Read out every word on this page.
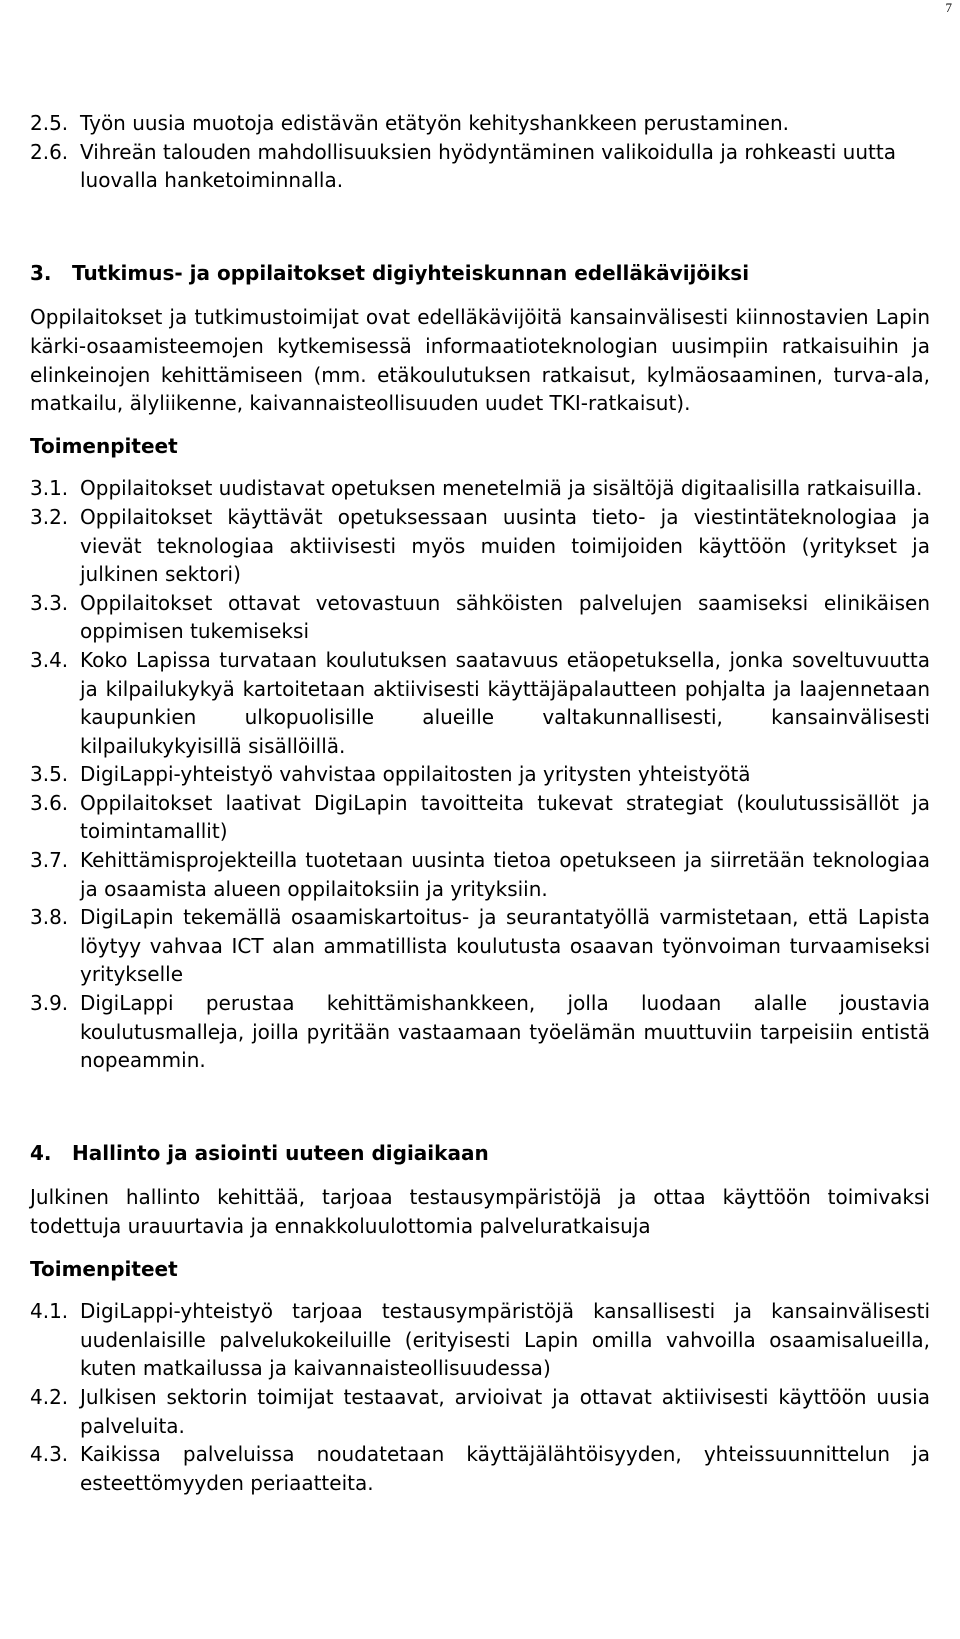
7
2.5. Työn uusia muotoja edistävän etätyön kehityshankkeen perustaminen.
2.6. Vihreän talouden mahdollisuuksien hyödyntäminen valikoidulla ja rohkeasti uutta luovalla hanketoiminnalla.
3.	Tutkimus- ja oppilaitokset digiyhteiskunnan edelläkävijöiksi

Oppilaitokset ja tutkimustoimijat ovat edelläkävijöitä kansainvälisesti kiinnostavien Lapin kärki-osaamisteemojen kytkemisessä informaatioteknologian uusimpiin ratkaisuihin ja elinkeinojen kehittämiseen (mm. etäkoulutuksen ratkaisut, kylmäosaaminen, turva-ala, matkailu, älyliikenne, kaivannaisteollisuuden uudet TKI-ratkaisut).

Toimenpiteet
3.1. Oppilaitokset uudistavat opetuksen menetelmiä ja sisältöjä digitaalisilla ratkaisuilla.
3.2. Oppilaitokset käyttävät opetuksessaan uusinta tieto- ja viestintäteknologiaa ja vievät teknologiaa aktiivisesti myös muiden toimijoiden käyttöön (yritykset ja julkinen sektori)
3.3. Oppilaitokset ottavat vetovastuun sähköisten palvelujen saamiseksi elinikäisen oppimisen tukemiseksi
3.4. Koko Lapissa turvataan koulutuksen saatavuus etäopetuksella, jonka soveltuvuutta ja kilpailukykyä kartoitetaan aktiivisesti käyttäjäpalautteen pohjalta ja laajennetaan kaupunkien ulkopuolisille alueille valtakunnallisesti, kansainvälisesti kilpailukykyisillä sisällöillä.
3.5. DigiLappi-yhteistyö vahvistaa oppilaitosten ja yritysten yhteistyötä
3.6. Oppilaitokset laativat DigiLapin tavoitteita tukevat strategiat (koulutussisällöt ja toimintamallit)
3.7. Kehittämisprojekteilla tuotetaan uusinta tietoa opetukseen ja siirretään teknologiaa ja osaamista alueen oppilaitoksiin ja yrityksiin.
3.8. DigiLapin tekemällä osaamiskartoitus- ja seurantatyöllä varmistetaan, että Lapista löytyy vahvaa ICT alan ammatillista koulutusta osaavan työnvoiman turvaamiseksi yritykselle
3.9. DigiLappi perustaa kehittämishankkeen, jolla luodaan alalle joustavia koulutusmalleja, joilla pyritään vastaamaan työelämän muuttuviin tarpeisiin entistä nopeammin.
4.	Hallinto ja asiointi uuteen digiaikaan

Julkinen hallinto kehittää, tarjoaa testausympäristöjä ja ottaa käyttöön toimivaksi todettuja urauurtavia ja ennakkoluulottomia palveluratkaisuja

Toimenpiteet
4.1. DigiLappi-yhteistyö tarjoaa testausympäristöjä kansallisesti ja kansainvälisesti uudenlaisille palvelukokeiluille (erityisesti Lapin omilla vahvoilla osaamisalueilla, kuten matkailussa ja kaivannaisteollisuudessa)
4.2. Julkisen sektorin toimijat testaavat, arvioivat ja ottavat aktiivisesti käyttöön uusia palveluita.
4.3. Kaikissa palveluissa noudatetaan käyttäjälähtöisyyden, yhteissuunnittelun ja esteettömyyden periaatteita.
